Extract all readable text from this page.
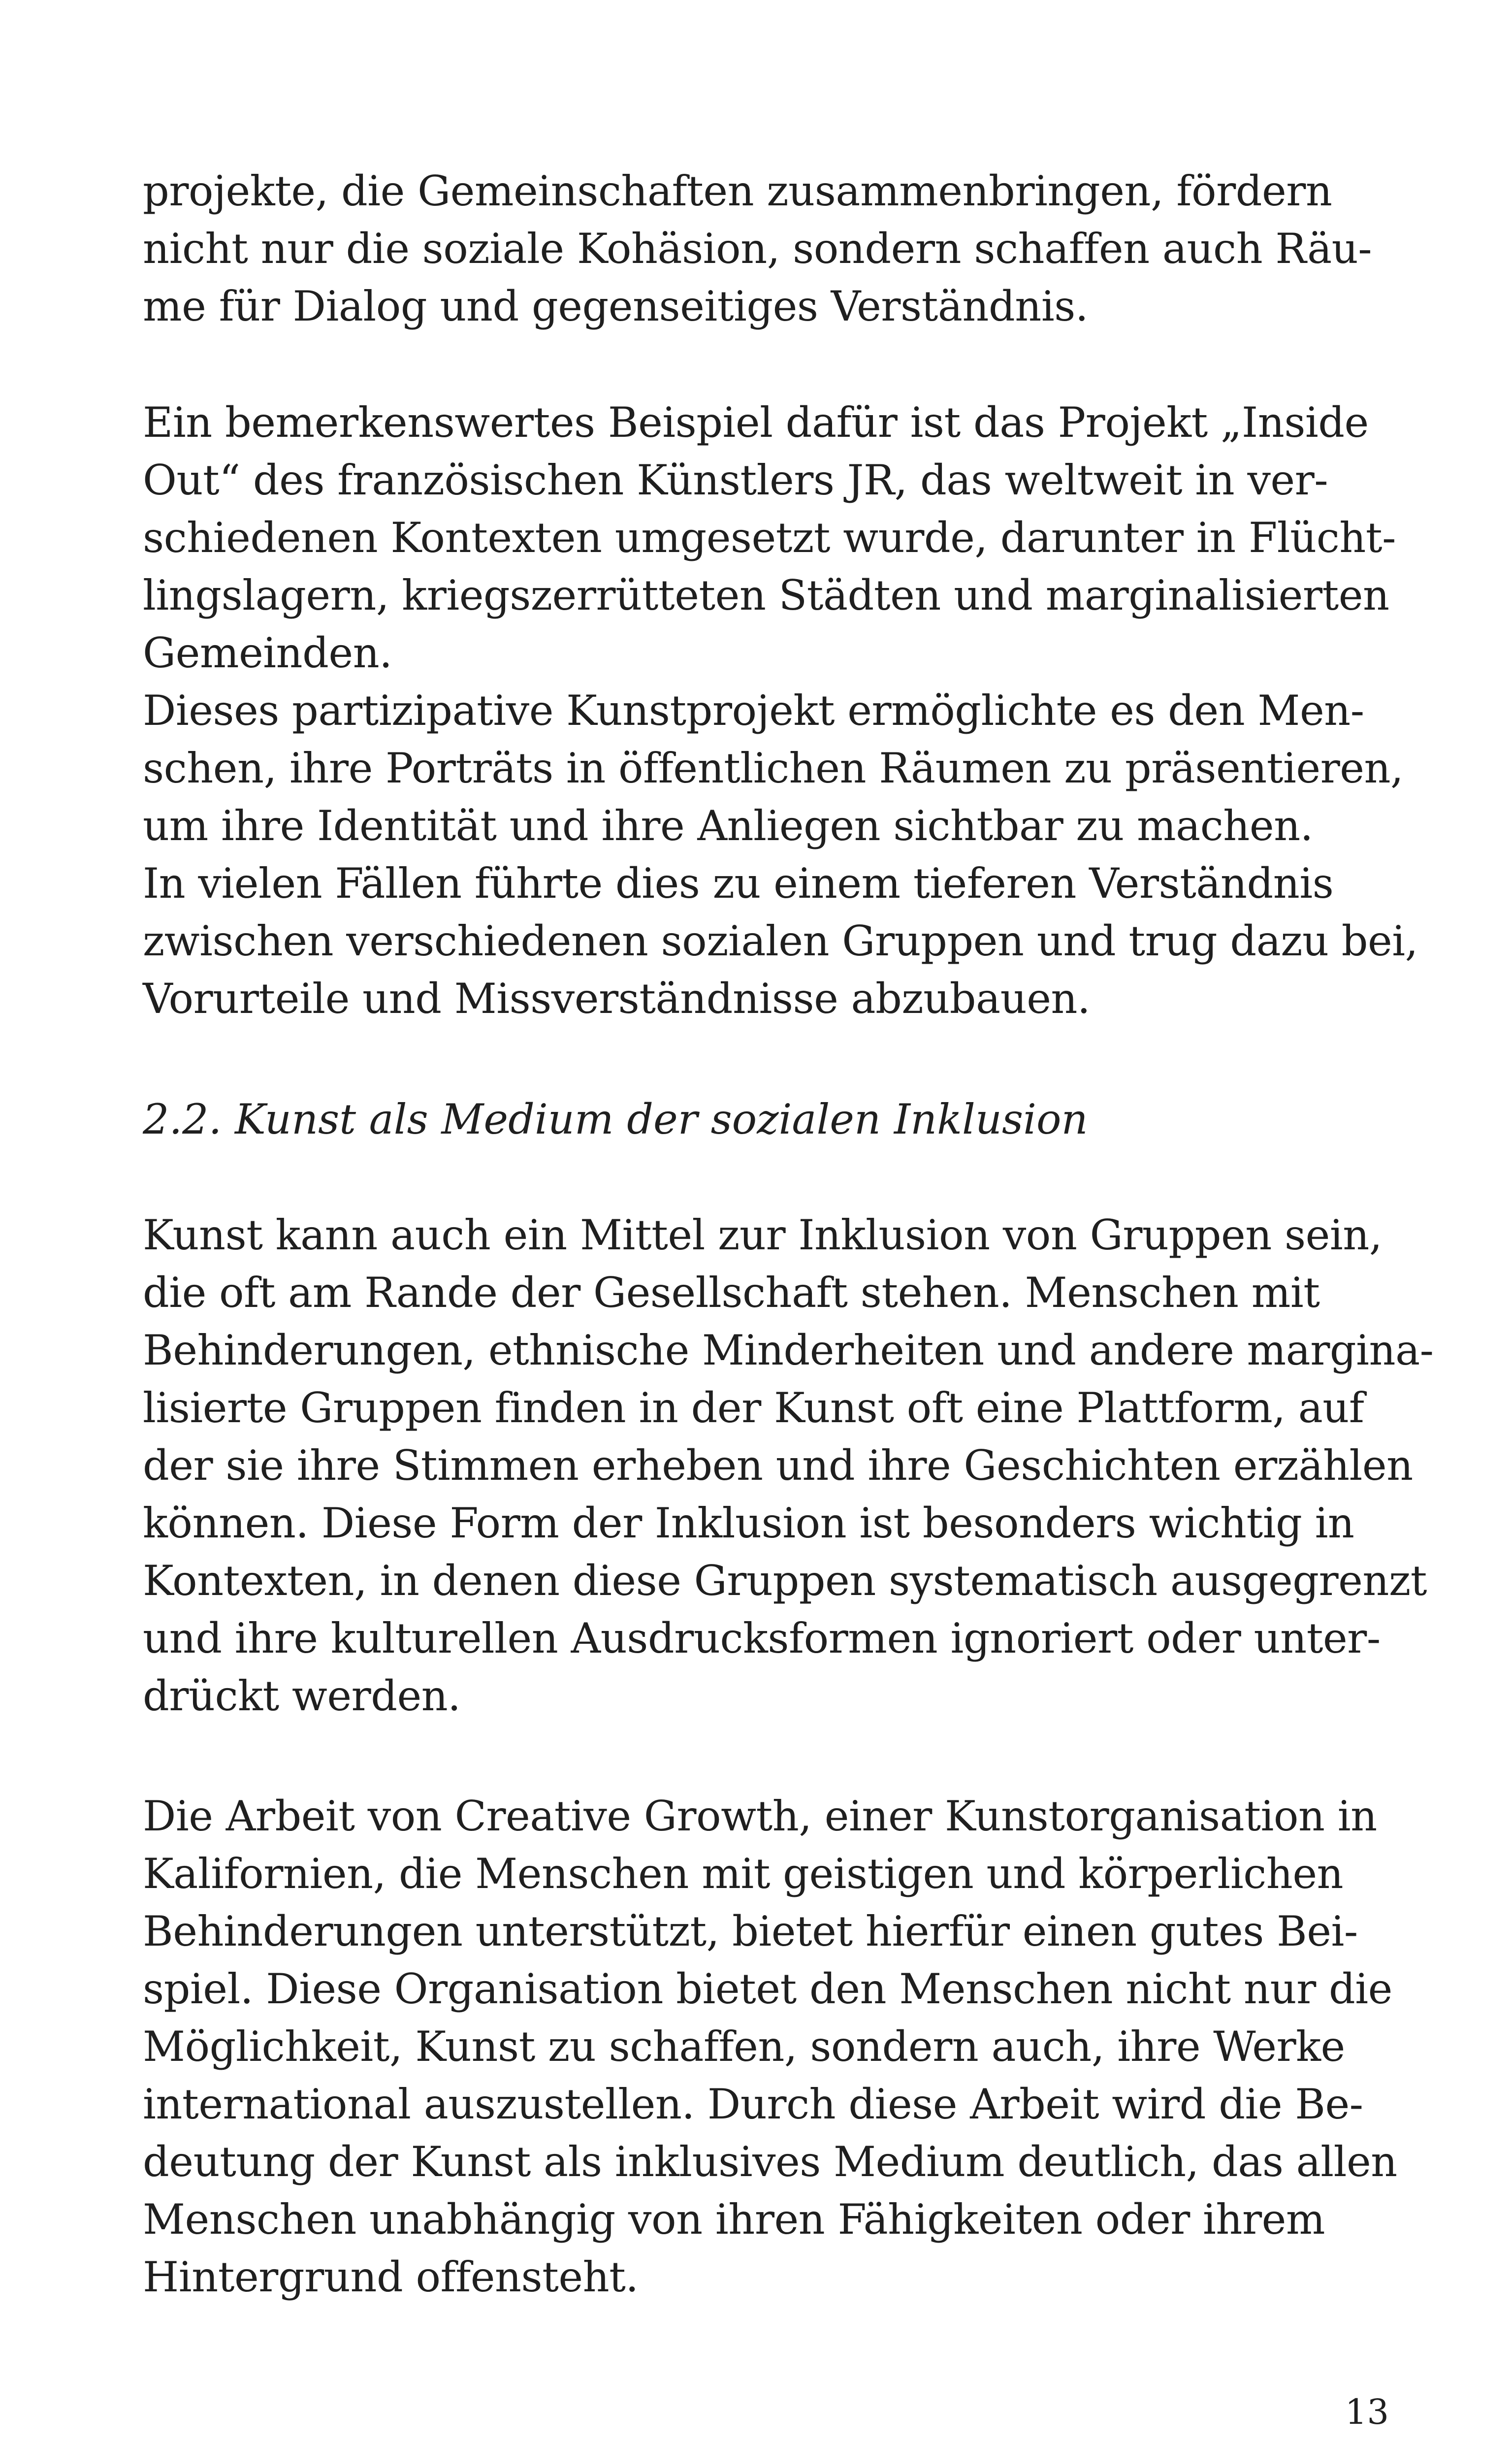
projekte, die Gemeinschaften zusammenbringen, fördern
nicht nur die soziale Kohäsion, sondern schaffen auch Räu-
me für Dialog und gegenseitiges Verständnis.
Ein bemerkenswertes Beispiel dafür ist das Projekt „Inside
Out“ des französischen Künstlers JR, das weltweit in ver-
schiedenen Kontexten umgesetzt wurde, darunter in Flücht-
lingslagern, kriegszerrütteten Städten und marginalisierten
Gemeinden.
Dieses partizipative Kunstprojekt ermöglichte es den Men-
schen, ihre Porträts in öffentlichen Räumen zu präsentieren,
um ihre Identität und ihre Anliegen sichtbar zu machen.
In vielen Fällen führte dies zu einem tieferen Verständnis
zwischen verschiedenen sozialen Gruppen und trug dazu bei,
Vorurteile und Missverständnisse abzubauen.
2.2. Kunst als Medium der sozialen Inklusion
Kunst kann auch ein Mittel zur Inklusion von Gruppen sein,
die oft am Rande der Gesellschaft stehen. Menschen mit
Behinderungen, ethnische Minderheiten und andere margina-
lisierte Gruppen finden in der Kunst oft eine Plattform, auf
der sie ihre Stimmen erheben und ihre Geschichten erzählen
können. Diese Form der Inklusion ist besonders wichtig in
Kontexten, in denen diese Gruppen systematisch ausgegrenzt
und ihre kulturellen Ausdrucksformen ignoriert oder unter-
drückt werden.
Die Arbeit von Creative Growth, einer Kunstorganisation in
Kalifornien, die Menschen mit geistigen und körperlichen
Behinderungen unterstützt, bietet hierfür einen gutes Bei-
spiel. Diese Organisation bietet den Menschen nicht nur die
Möglichkeit, Kunst zu schaffen, sondern auch, ihre Werke
international auszustellen. Durch diese Arbeit wird die Be-
deutung der Kunst als inklusives Medium deutlich, das allen
Menschen unabhängig von ihren Fähigkeiten oder ihrem
Hintergrund offensteht.
13
